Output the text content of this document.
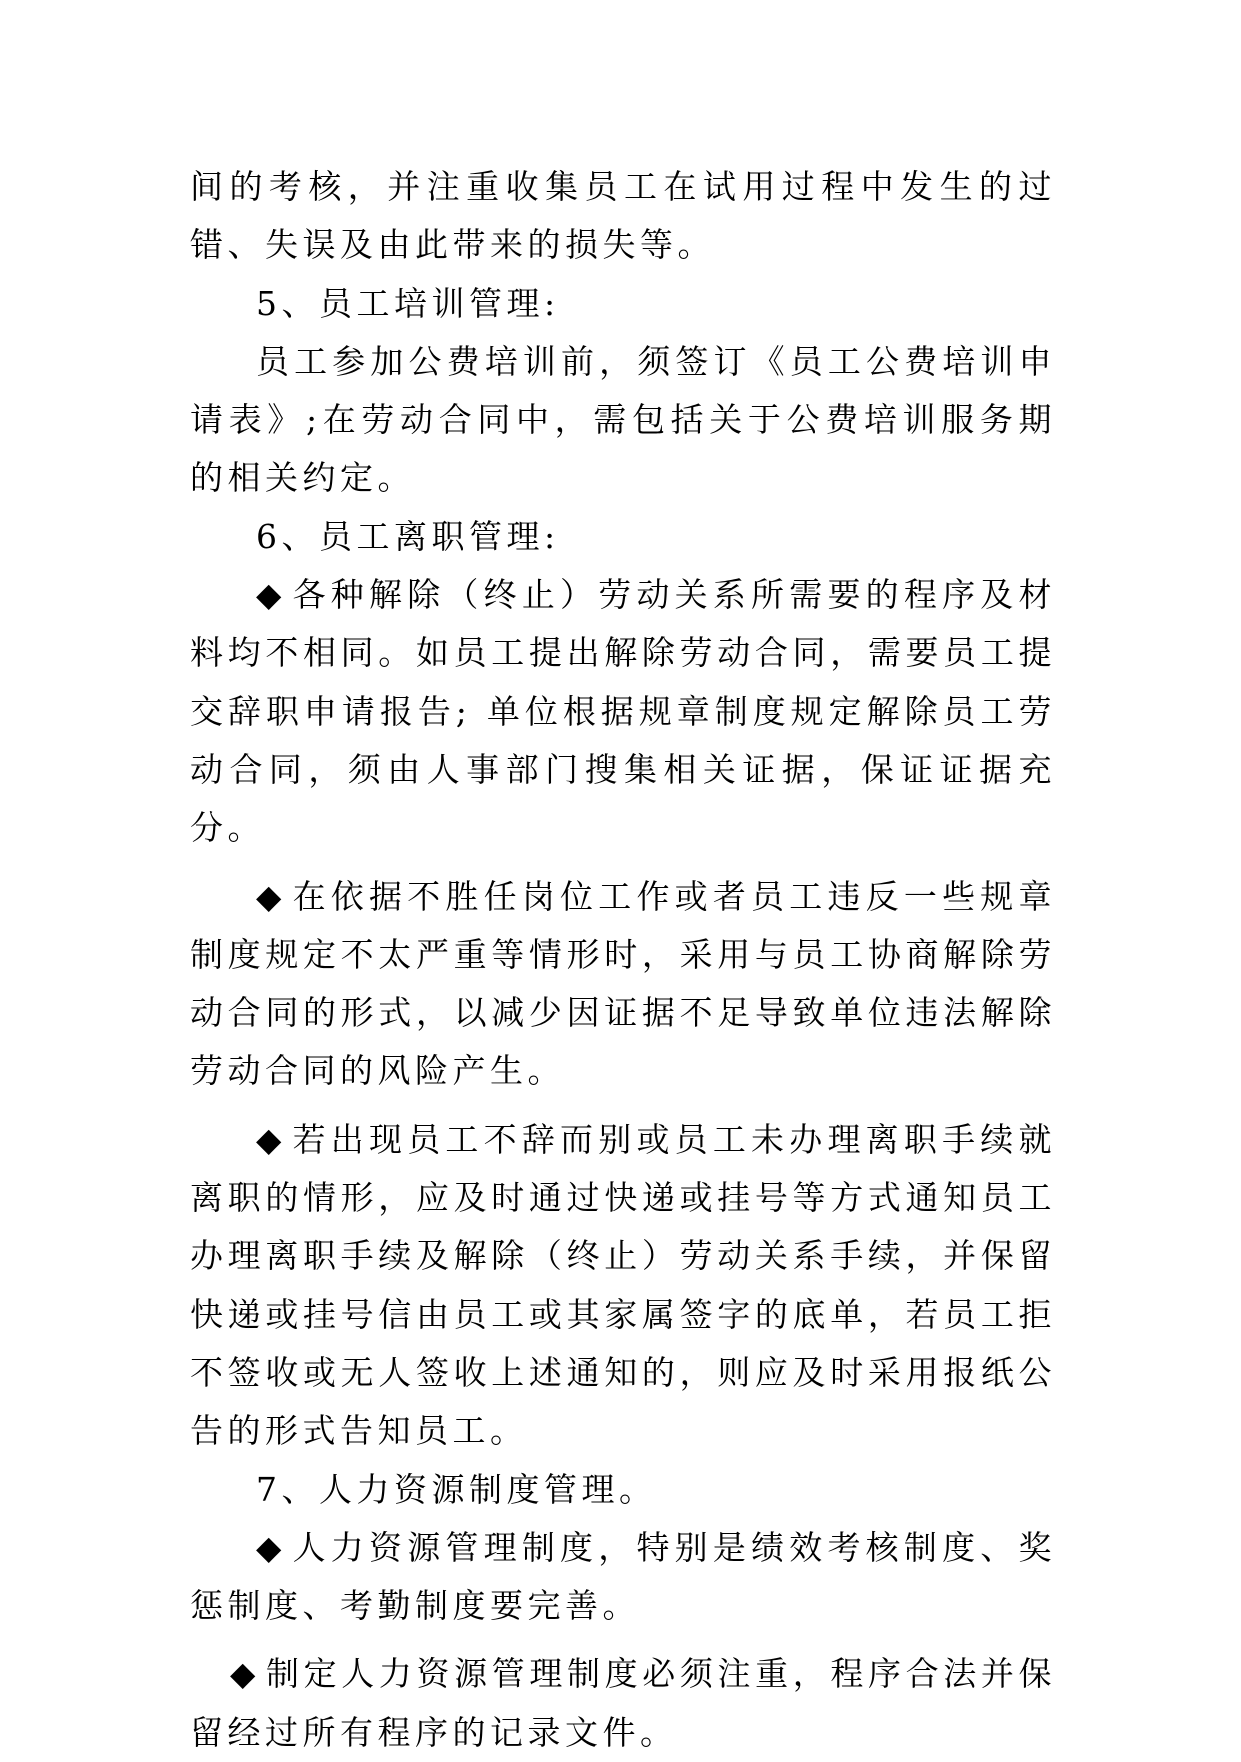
间的考核，并注重收集员工在试用过程中发生的过错、失误及由此带来的损失等。

5、员工培训管理:

员工参加公费培训前，须签订《员工公费培训申请表》;在劳动合同中，需包括关于公费培训服务期的相关约定。

6、员工离职管理:

◆ 各种解除（终止）劳动关系所需要的程序及材料均不相同。如员工提出解除劳动合同，需要员工提交辞职申请报告; 单位根据规章制度规定解除员工劳动合同，须由人事部门搜集相关证据，保证证据充分。

◆ 在依据不胜任岗位工作或者员工违反一些规章制度规定不太严重等情形时，采用与员工协商解除劳动合同的形式，以减少因证据不足导致单位违法解除劳动合同的风险产生。

◆ 若出现员工不辞而别或员工未办理离职手续就离职的情形，应及时通过快递或挂号等方式通知员工办理离职手续及解除（终止）劳动关系手续，并保留快递或挂号信由员工或其家属签字的底单，若员工拒不签收或无人签收上述通知的，则应及时采用报纸公告的形式告知员工。

7、人力资源制度管理。

◆ 人力资源管理制度，特别是绩效考核制度、奖惩制度、考勤制度要完善。

◆ 制定人力资源管理制度必须注重，程序合法并保留经过所有程序的记录文件。
